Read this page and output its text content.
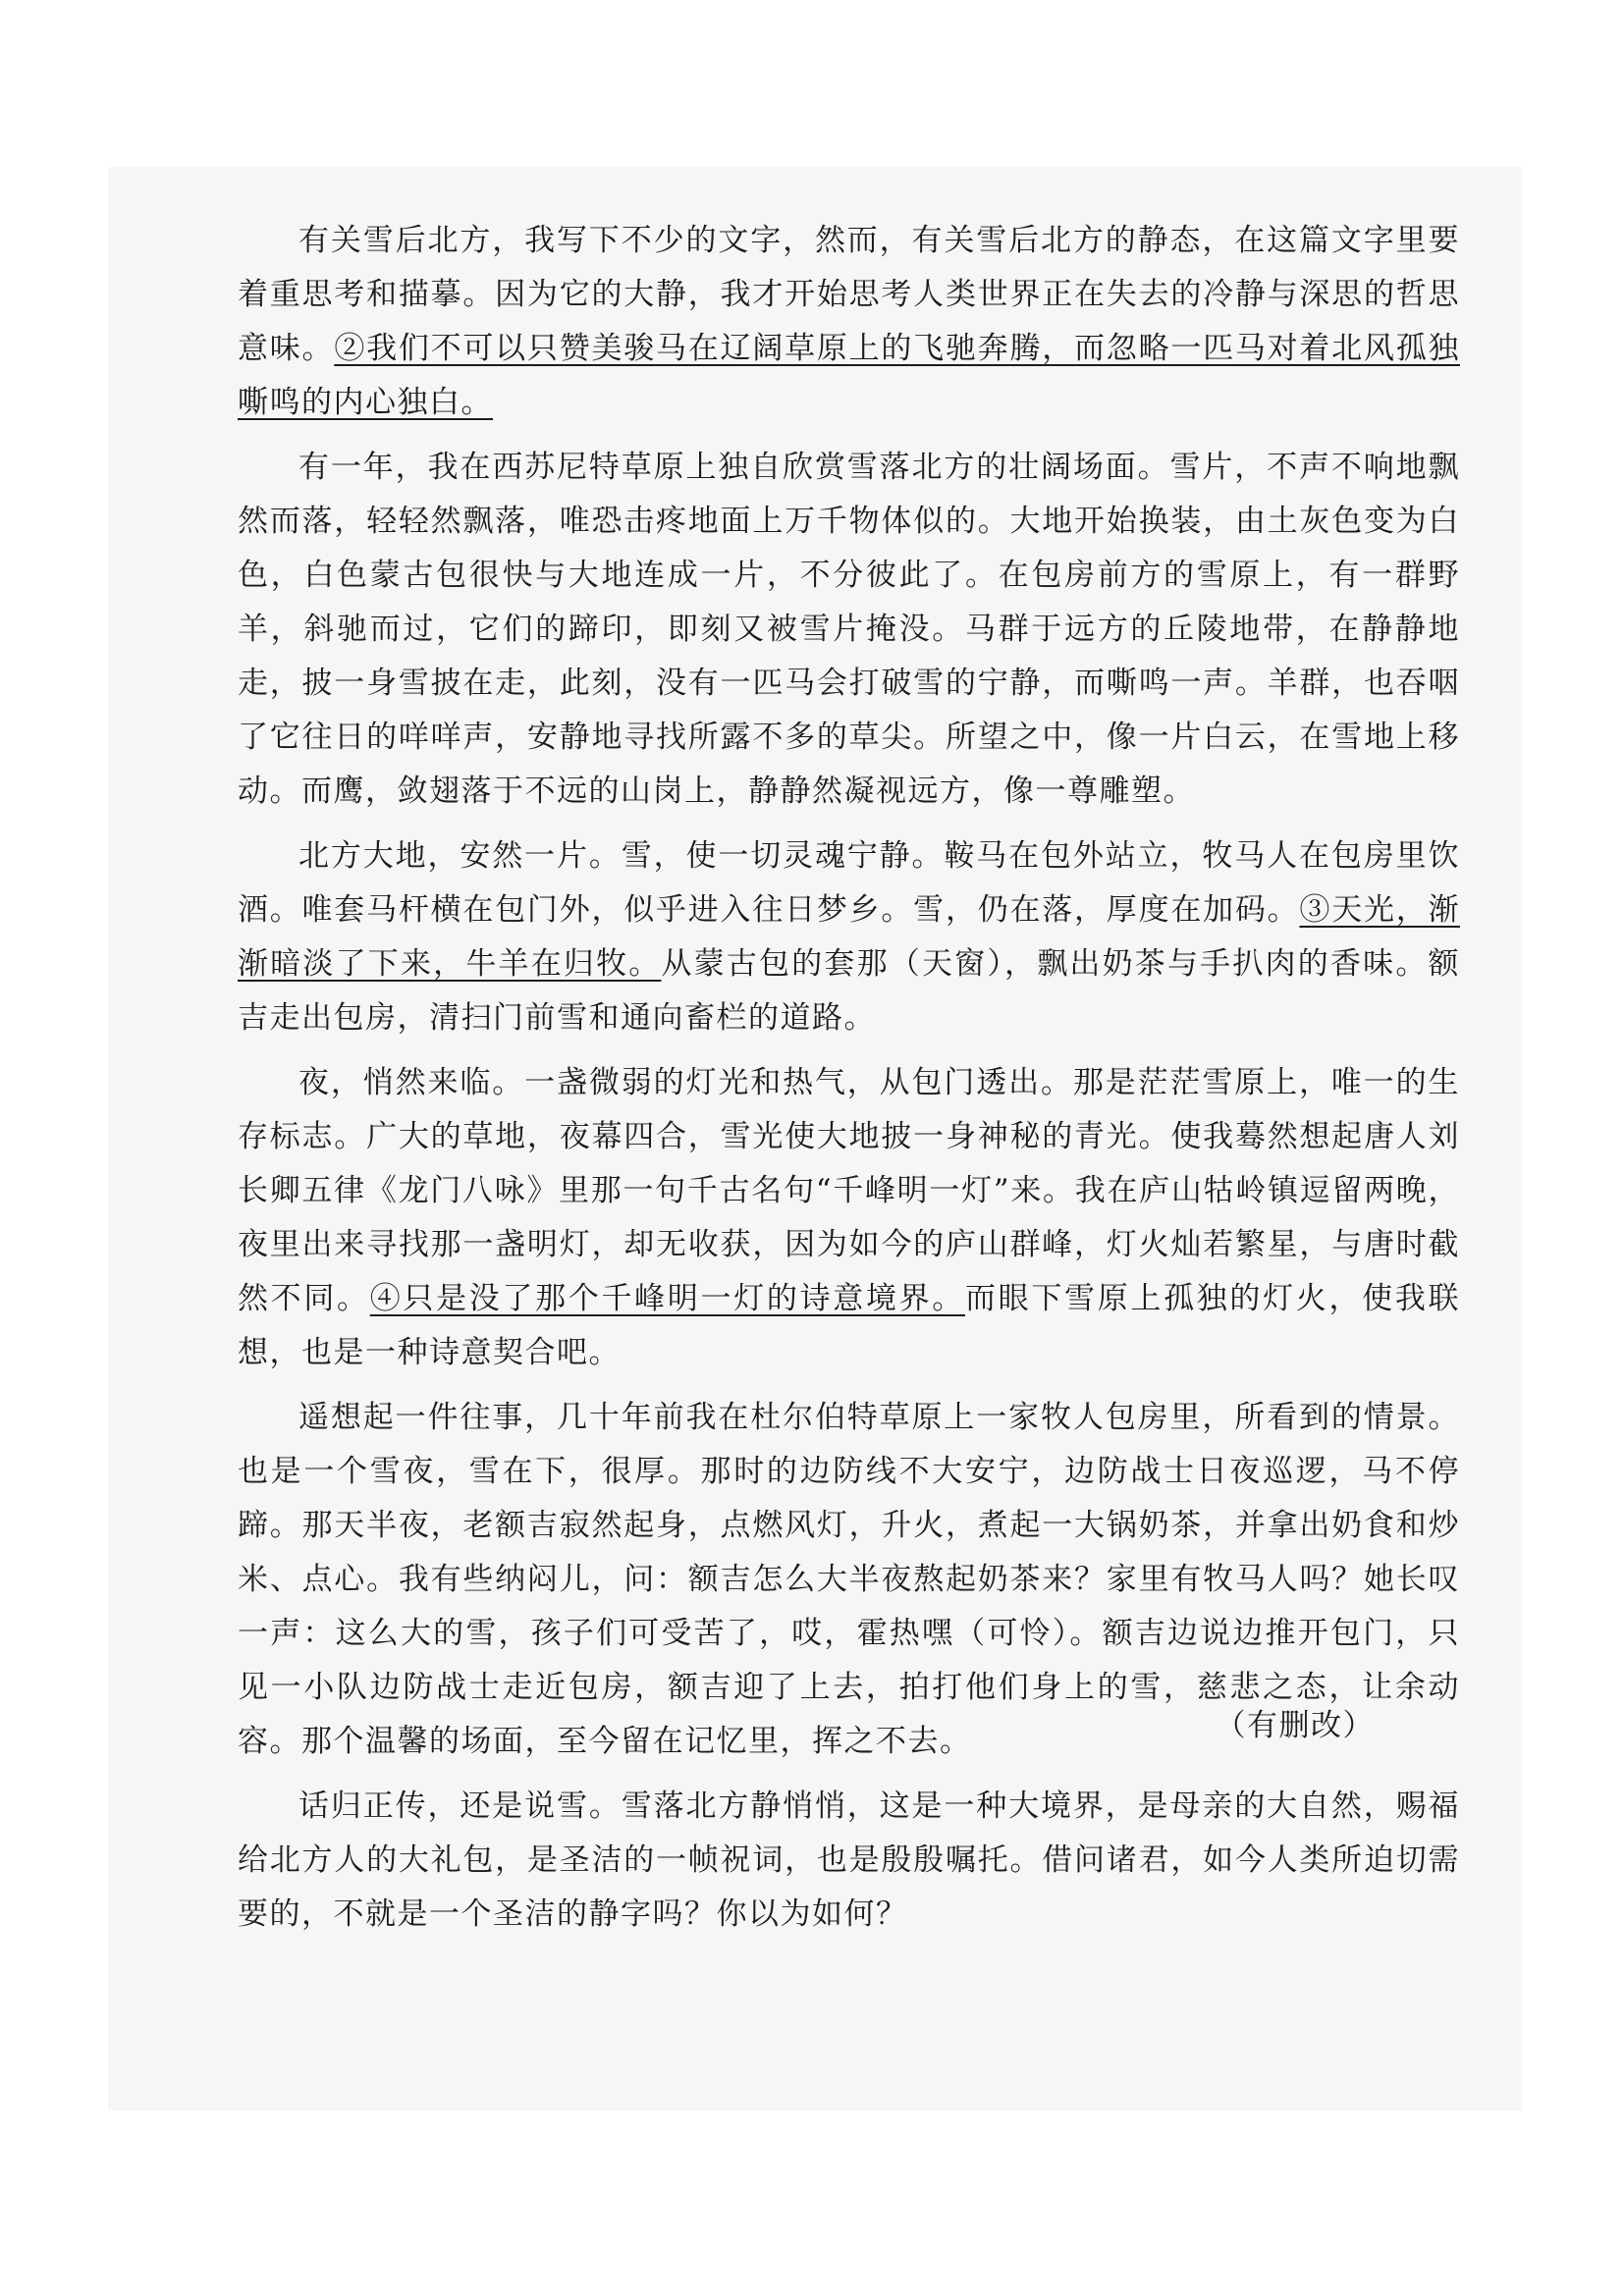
有关雪后北方，我写下不少的文字，然而，有关雪后北方的静态，在这篇文字里要着重思考和描摹。因为它的大静，我才开始思考人类世界正在失去的冷静与深思的哲思意味。②我们不可以只赞美骏马在辽阔草原上的飞驰奔腾，而忽略一匹马对着北风孤独嘶鸣的内心独白。

有一年，我在西苏尼特草原上独自欣赏雪落北方的壮阔场面。雪片，不声不响地飘然而落，轻轻然飘落，唯恐击疼地面上万千物体似的。大地开始换装，由土灰色变为白色，白色蒙古包很快与大地连成一片，不分彼此了。在包房前方的雪原上，有一群野羊，斜驰而过，它们的蹄印，即刻又被雪片掩没。马群于远方的丘陵地带，在静静地走，披一身雪披在走，此刻，没有一匹马会打破雪的宁静，而嘶鸣一声。羊群，也吞咽了它往日的咩咩声，安静地寻找所露不多的草尖。所望之中，像一片白云，在雪地上移动。而鹰，敛翅落于不远的山岗上，静静然凝视远方，像一尊雕塑。

北方大地，安然一片。雪，使一切灵魂宁静。鞍马在包外站立，牧马人在包房里饮酒。唯套马杆横在包门外，似乎进入往日梦乡。雪，仍在落，厚度在加码。③天光，渐渐暗淡了下来，牛羊在归牧。从蒙古包的套那（天窗），飘出奶茶与手扒肉的香味。额吉走出包房，清扫门前雪和通向畜栏的道路。

夜，悄然来临。一盏微弱的灯光和热气，从包门透出。那是茫茫雪原上，唯一的生存标志。广大的草地，夜幕四合，雪光使大地披一身神秘的青光。使我蓦然想起唐人刘长卿五律《龙门八咏》里那一句千古名句“千峰明一灯”来。我在庐山牯岭镇逗留两晚，夜里出来寻找那一盏明灯，却无收获，因为如今的庐山群峰，灯火灿若繁星，与唐时截然不同。④只是没了那个千峰明一灯的诗意境界。而眼下雪原上孤独的灯火，使我联想，也是一种诗意契合吧。

遥想起一件往事，几十年前我在杜尔伯特草原上一家牧人包房里，所看到的情景。也是一个雪夜，雪在下，很厚。那时的边防线不大安宁，边防战士日夜巡逻，马不停蹄。那天半夜，老额吉寂然起身，点燃风灯，升火，煮起一大锅奶茶，并拿出奶食和炒米、点心。我有些纳闷儿，问：额吉怎么大半夜熬起奶茶来？家里有牧马人吗？她长叹一声：这么大的雪，孩子们可受苦了，哎，霍热嘿（可怜）。额吉边说边推开包门，只见一小队边防战士走近包房，额吉迎了上去，拍打他们身上的雪，慈悲之态，让余动容。那个温馨的场面，至今留在记忆里，挥之不去。

话归正传，还是说雪。雪落北方静悄悄，这是一种大境界，是母亲的大自然，赐福给北方人的大礼包，是圣洁的一帧祝词，也是殷殷嘱托。借问诸君，如今人类所迫切需要的，不就是一个圣洁的静字吗？你以为如何？

（有删改）
